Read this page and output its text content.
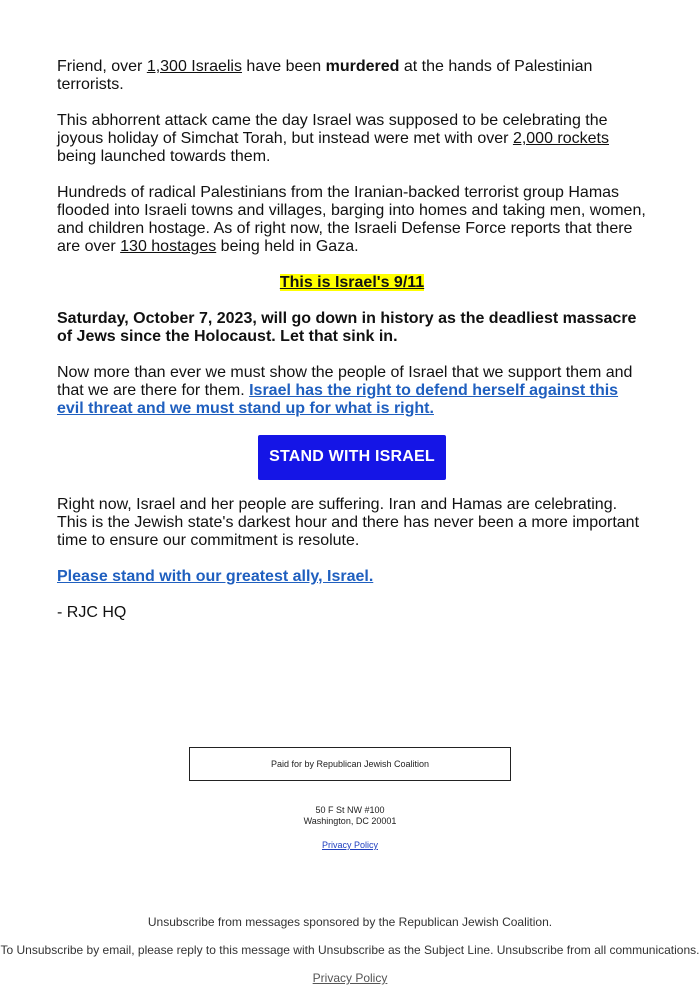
Friend, over 1,300 Israelis have been murdered at the hands of Palestinian terrorists.

This abhorrent attack came the day Israel was supposed to be celebrating the joyous holiday of Simchat Torah, but instead were met with over 2,000 rockets being launched towards them.

Hundreds of radical Palestinians from the Iranian-backed terrorist group Hamas flooded into Israeli towns and villages, barging into homes and taking men, women, and children hostage. As of right now, the Israeli Defense Force reports that there are over 130 hostages being held in Gaza.

This is Israel's 9/11

Saturday, October 7, 2023, will go down in history as the deadliest massacre of Jews since the Holocaust. Let that sink in.

Now more than ever we must show the people of Israel that we support them and that we are there for them. Israel has the right to defend herself against this evil threat and we must stand up for what is right.

STAND WITH ISRAEL

Right now, Israel and her people are suffering. Iran and Hamas are celebrating. This is the Jewish state's darkest hour and there has never been a more important time to ensure our commitment is resolute.

Please stand with our greatest ally, Israel.

- RJC HQ

Paid for by Republican Jewish Coalition
50 F St NW #100
Washington, DC 20001
Privacy Policy
Unsubscribe from messages sponsored by the Republican Jewish Coalition.
To Unsubscribe by email, please reply to this message with Unsubscribe as the Subject Line. Unsubscribe from all communications.
Privacy Policy
